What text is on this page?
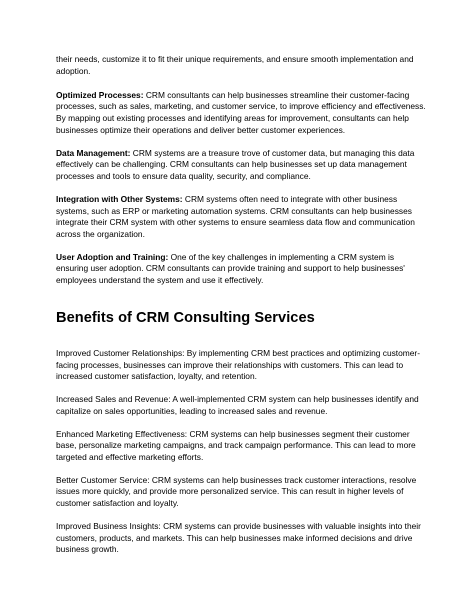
their needs, customize it to fit their unique requirements, and ensure smooth implementation and adoption.

Optimized Processes: CRM consultants can help businesses streamline their customer-facing processes, such as sales, marketing, and customer service, to improve efficiency and effectiveness. By mapping out existing processes and identifying areas for improvement, consultants can help businesses optimize their operations and deliver better customer experiences.

Data Management: CRM systems are a treasure trove of customer data, but managing this data effectively can be challenging. CRM consultants can help businesses set up data management processes and tools to ensure data quality, security, and compliance.

Integration with Other Systems: CRM systems often need to integrate with other business systems, such as ERP or marketing automation systems. CRM consultants can help businesses integrate their CRM system with other systems to ensure seamless data flow and communication across the organization.

User Adoption and Training: One of the key challenges in implementing a CRM system is ensuring user adoption. CRM consultants can provide training and support to help businesses' employees understand the system and use it effectively.

Benefits of CRM Consulting Services

Improved Customer Relationships: By implementing CRM best practices and optimizing customer-facing processes, businesses can improve their relationships with customers. This can lead to increased customer satisfaction, loyalty, and retention.

Increased Sales and Revenue: A well-implemented CRM system can help businesses identify and capitalize on sales opportunities, leading to increased sales and revenue.

Enhanced Marketing Effectiveness: CRM systems can help businesses segment their customer base, personalize marketing campaigns, and track campaign performance. This can lead to more targeted and effective marketing efforts.

Better Customer Service: CRM systems can help businesses track customer interactions, resolve issues more quickly, and provide more personalized service. This can result in higher levels of customer satisfaction and loyalty.

Improved Business Insights: CRM systems can provide businesses with valuable insights into their customers, products, and markets. This can help businesses make informed decisions and drive business growth.
